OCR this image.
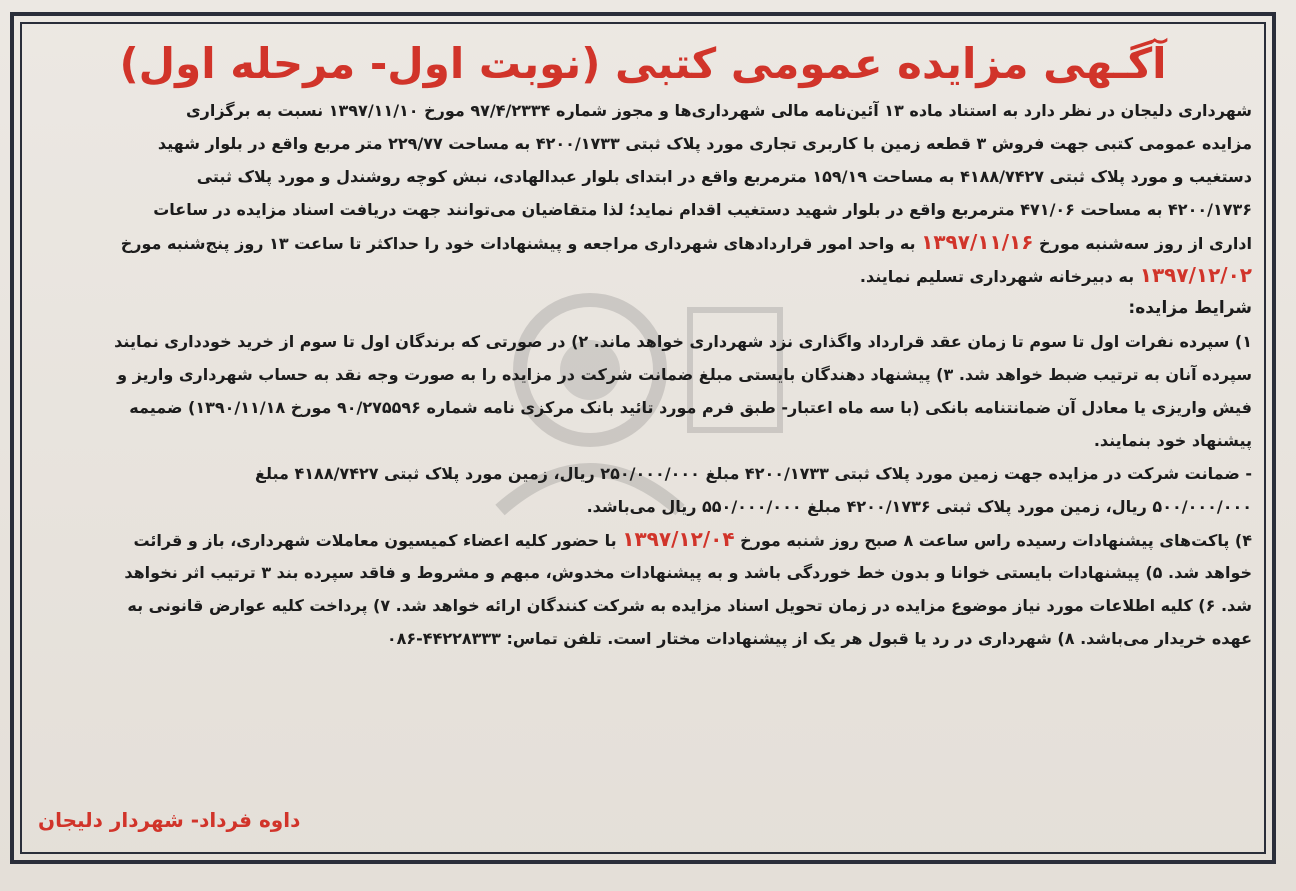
آگـهی مزایده عمومی کتبی (نوبت اول- مرحله اول)
شهرداری دلیجان در نظر دارد به استناد ماده ۱۳ آئین‌نامه مالی شهرداری‌ها و مجوز شماره ۹۷/۴/۲۳۳۴ مورخ ۱۳۹۷/۱۱/۱۰ نسبت به برگزاری
مزایده عمومی کتبی جهت فروش ۳ قطعه زمین با کاربری تجاری مورد پلاک ثبتی ۴۲۰۰/۱۷۳۳ به مساحت ۲۲۹/۷۷ متر مربع واقع در بلوار شهید
دستغیب و مورد پلاک ثبتی ۴۱۸۸/۷۴۲۷ به مساحت ۱۵۹/۱۹ مترمربع واقع در ابتدای بلوار عبدالهادی، نبش کوچه روشندل و مورد پلاک ثبتی
۴۲۰۰/۱۷۳۶ به مساحت ۴۷۱/۰۶ مترمربع واقع در بلوار شهید دستغیب اقدام نماید؛ لذا متقاضیان می‌توانند جهت دریافت اسناد مزایده در ساعات
اداری از روز سه‌شنبه مورخ ۱۳۹۷/۱۱/۱۶ به واحد امور قراردادهای شهرداری مراجعه و پیشنهادات خود را حداکثر تا ساعت ۱۳ روز پنج‌شنبه مورخ
۱۳۹۷/۱۲/۰۲ به دبیرخانه شهرداری تسلیم نمایند.
شرایط مزایده:
۱) سپرده نفرات اول تا سوم تا زمان عقد قرارداد واگذاری نزد شهرداری خواهد ماند. ۲) در صورتی که برندگان اول تا سوم از خرید خودداری نمایند
سپرده آنان به ترتیب ضبط خواهد شد. ۳) پیشنهاد دهندگان بایستی مبلغ ضمانت شرکت در مزایده را به صورت وجه نقد به حساب شهرداری واریز و
فیش واریزی یا معادل آن ضمانتنامه بانکی (با سه ماه اعتبار- طبق فرم مورد تائید بانک مرکزی نامه شماره ۹۰/۲۷۵۵۹۶ مورخ ۱۳۹۰/۱۱/۱۸) ضمیمه
پیشنهاد خود بنمایند.
- ضمانت شرکت در مزایده جهت زمین مورد پلاک ثبتی ۴۲۰۰/۱۷۳۳ مبلغ ۲۵۰/۰۰۰/۰۰۰ ریال، زمین مورد پلاک ثبتی ۴۱۸۸/۷۴۲۷ مبلغ
۵۰۰/۰۰۰/۰۰۰ ریال، زمین مورد پلاک ثبتی ۴۲۰۰/۱۷۳۶ مبلغ ۵۵۰/۰۰۰/۰۰۰ ریال می‌باشد.
۴) پاکت‌های پیشنهادات رسیده راس ساعت ۸ صبح روز شنبه مورخ ۱۳۹۷/۱۲/۰۴ با حضور کلیه اعضاء کمیسیون معاملات شهرداری، باز و قرائت
خواهد شد. ۵) پیشنهادات بایستی خوانا و بدون خط خوردگی باشد و به پیشنهادات مخدوش، مبهم و مشروط و فاقد سپرده بند ۳ ترتیب اثر نخواهد
شد. ۶) کلیه اطلاعات مورد نیاز موضوع مزایده در زمان تحویل اسناد مزایده به شرکت کنندگان ارائه خواهد شد. ۷) پرداخت کلیه عوارض قانونی به
عهده خریدار می‌باشد. ۸) شهرداری در رد یا قبول هر یک از پیشنهادات مختار است. تلفن تماس: ۴۴۲۲۸۳۳۳-۰۸۶
داوه فرداد- شهردار دلیجان
